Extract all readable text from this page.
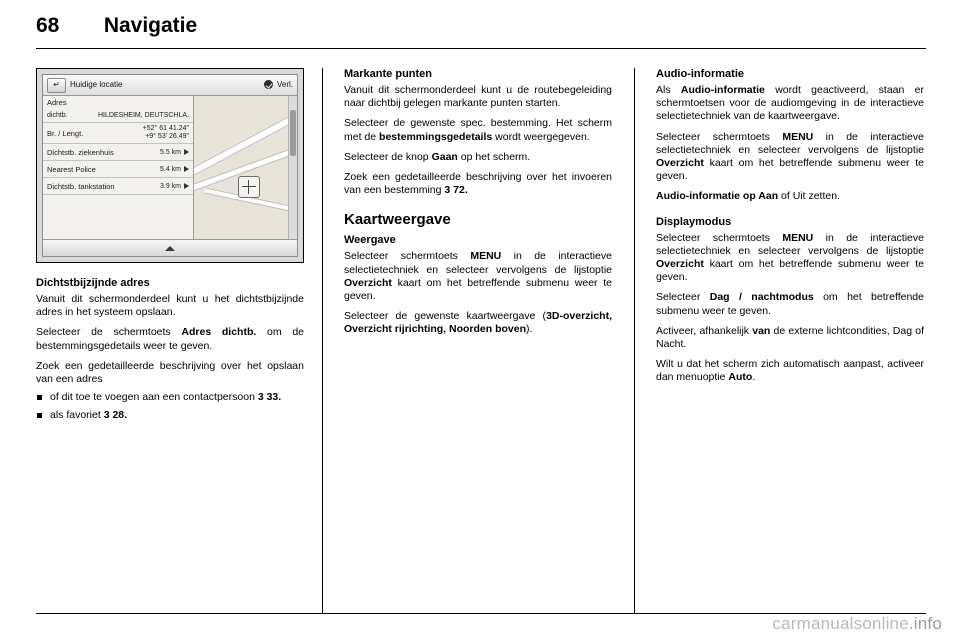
68 Navigatie
↵	Huidige locatie	Verl.
Adres
dichtb.	HILDESHEIM, DEUTSCHLA.
Br. / Lengt.	+52° 61 41.24"
+9° 53' 26.49"
Dichtstb. ziekenhuis	5.5 km
Nearest Police	5.4 km
Dichtstb. tankstation	3.9 km
Dichtstbijzijnde adres

Vanuit dit schermonderdeel kunt u het dichtstbijzijnde adres in het systeem opslaan.

Selecteer de schermtoets Adres dichtb. om de bestemmingsgedetails weer te geven.

Zoek een gedetailleerde beschrijving over het opslaan van een adres

of dit toe te voegen aan een contactpersoon 3 33.
als favoriet 3 28.
Markante punten

Vanuit dit schermonderdeel kunt u de routebegeleiding naar dichtbij gelegen markante punten starten.

Selecteer de gewenste spec. bestemming. Het scherm met de bestemmingsgedetails wordt weergegeven.

Selecteer de knop Gaan op het scherm.

Zoek een gedetailleerde beschrijving over het invoeren van een bestemming 3 72.

Kaartweergave
Weergave

Selecteer schermtoets MENU in de interactieve selectietechniek en selecteer vervolgens de lijstoptie Overzicht kaart om het betreffende submenu weer te geven.

Selecteer de gewenste kaartweergave (3D-overzicht, Overzicht rijrichting, Noorden boven).

Audio-informatie

Als Audio-informatie wordt geactiveerd, staan er schermtoetsen voor de audiomgeving in de interactieve selectietechniek van de kaartweergave.

Selecteer schermtoets MENU in de interactieve selectietechniek en selecteer vervolgens de lijstoptie Overzicht kaart om het betreffende submenu weer te geven.

Audio-informatie op Aan of Uit zetten.

Displaymodus

Selecteer schermtoets MENU in de interactieve selectietechniek en selecteer vervolgens de lijstoptie Overzicht kaart om het betreffende submenu weer te geven.

Selecteer Dag / nachtmodus om het betreffende submenu weer te geven.

Activeer, afhankelijk van de externe lichtcondities, Dag of Nacht.

Wilt u dat het scherm zich automatisch aanpast, activeer dan menuoptie Auto.

carmanualsonline.info
